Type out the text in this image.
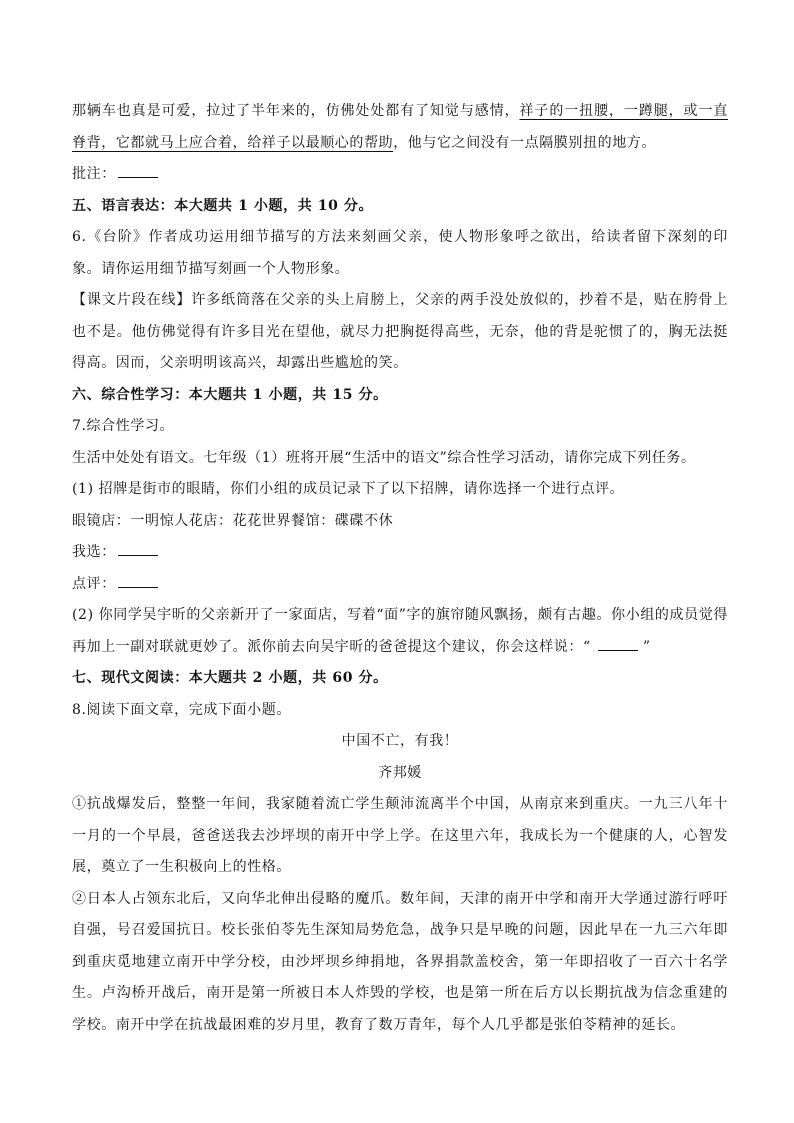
那辆车也真是可爱，拉过了半年来的，仿佛处处都有了知觉与感情，祥子的一扭腰，一蹲腿，或一直脊背，它都就马上应合着，给祥子以最顺心的帮助，他与它之间没有一点隔膜别扭的地方。

批注：

五、语言表达：本大题共 1 小题，共 10 分。

6.《台阶》作者成功运用细节描写的方法来刻画父亲，使人物形象呼之欲出，给读者留下深刻的印象。请你运用细节描写刻画一个人物形象。

【课文片段在线】许多纸筒落在父亲的头上肩膀上，父亲的两手没处放似的，抄着不是，贴在胯骨上也不是。他仿佛觉得有许多目光在望他，就尽力把胸挺得高些，无奈，他的背是驼惯了的，胸无法挺得高。因而，父亲明明该高兴，却露出些尴尬的笑。

六、综合性学习：本大题共 1 小题，共 15 分。

7.综合性学习。

生活中处处有语文。七年级（1）班将开展“生活中的语文”综合性学习活动，请你完成下列任务。

(1) 招牌是街市的眼睛，你们小组的成员记录下了以下招牌，请你选择一个进行点评。

眼镜店：一明惊人花店：花花世界餐馆：碟碟不休

我选：

点评：

(2) 你同学吴宇昕的父亲新开了一家面店，写着“面”字的旗帘随风飘扬，颇有古趣。你小组的成员觉得再加上一副对联就更妙了。派你前去向吴宇昕的爸爸提这个建议，你会这样说：“	”

七、现代文阅读：本大题共 2 小题，共 60 分。

8.阅读下面文章，完成下面小题。

中国不亡，有我！

齐邦媛

①抗战爆发后，整整一年间，我家随着流亡学生颠沛流离半个中国，从南京来到重庆。一九三八年十一月的一个早晨，爸爸送我去沙坪坝的南开中学上学。在这里六年，我成长为一个健康的人，心智发展，奠立了一生积极向上的性格。

②日本人占领东北后，又向华北伸出侵略的魔爪。数年间，天津的南开中学和南开大学通过游行呼吁自强，号召爱国抗日。校长张伯苓先生深知局势危急，战争只是早晚的问题，因此早在一九三六年即到重庆觅地建立南开中学分校，由沙坪坝乡绅捐地，各界捐款盖校舍，第一年即招收了一百六十名学生。卢沟桥开战后，南开是第一所被日本人炸毁的学校，也是第一所在后方以长期抗战为信念重建的学校。南开中学在抗战最困难的岁月里，教育了数万青年，每个人几乎都是张伯苓精神的延长。
